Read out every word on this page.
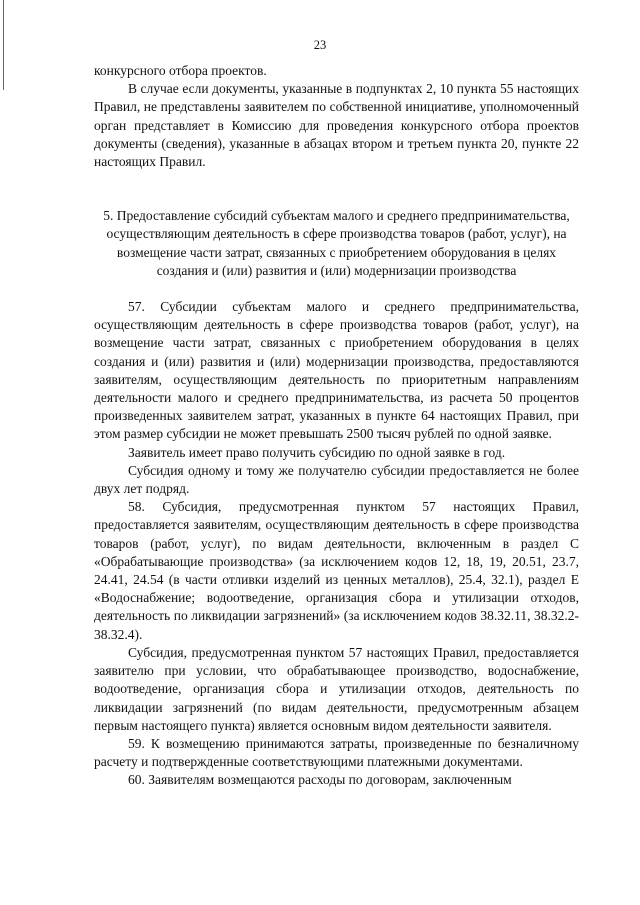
23

конкурсного отбора проектов.

В случае если документы, указанные в подпунктах 2, 10 пункта 55 настоящих Правил, не представлены заявителем по собственной инициативе, уполномоченный орган представляет в Комиссию для проведения конкурсного отбора проектов документы (сведения), указанные в абзацах втором и третьем пункта 20, пункте 22 настоящих Правил.

5. Предоставление субсидий субъектам малого и среднего предпринимательства, осуществляющим деятельность в сфере производства товаров (работ, услуг), на возмещение части затрат, связанных с приобретением оборудования в целях создания и (или) развития и (или) модернизации производства

57. Субсидии субъектам малого и среднего предпринимательства, осуществляющим деятельность в сфере производства товаров (работ, услуг), на возмещение части затрат, связанных с приобретением оборудования в целях создания и (или) развития и (или) модернизации производства, предоставляются заявителям, осуществляющим деятельность по приоритетным направлениям деятельности малого и среднего предпринимательства, из расчета 50 процентов произведенных заявителем затрат, указанных в пункте 64 настоящих Правил, при этом размер субсидии не может превышать 2500 тысяч рублей по одной заявке.

Заявитель имеет право получить субсидию по одной заявке в год.

Субсидия одному и тому же получателю субсидии предоставляется не более двух лет подряд.

58. Субсидия, предусмотренная пунктом 57 настоящих Правил, предоставляется заявителям, осуществляющим деятельность в сфере производства товаров (работ, услуг), по видам деятельности, включенным в раздел С «Обрабатывающие производства» (за исключением кодов 12, 18, 19, 20.51, 23.7, 24.41, 24.54 (в части отливки изделий из ценных металлов), 25.4, 32.1), раздел Е «Водоснабжение; водоотведение, организация сбора и утилизации отходов, деятельность по ликвидации загрязнений» (за исключением кодов 38.32.11, 38.32.2-38.32.4).

Субсидия, предусмотренная пунктом 57 настоящих Правил, предоставляется заявителю при условии, что обрабатывающее производство, водоснабжение, водоотведение, организация сбора и утилизации отходов, деятельность по ликвидации загрязнений (по видам деятельности, предусмотренным абзацем первым настоящего пункта) является основным видом деятельности заявителя.

59. К возмещению принимаются затраты, произведенные по безналичному расчету и подтвержденные соответствующими платежными документами.

60. Заявителям возмещаются расходы по договорам, заключенным
